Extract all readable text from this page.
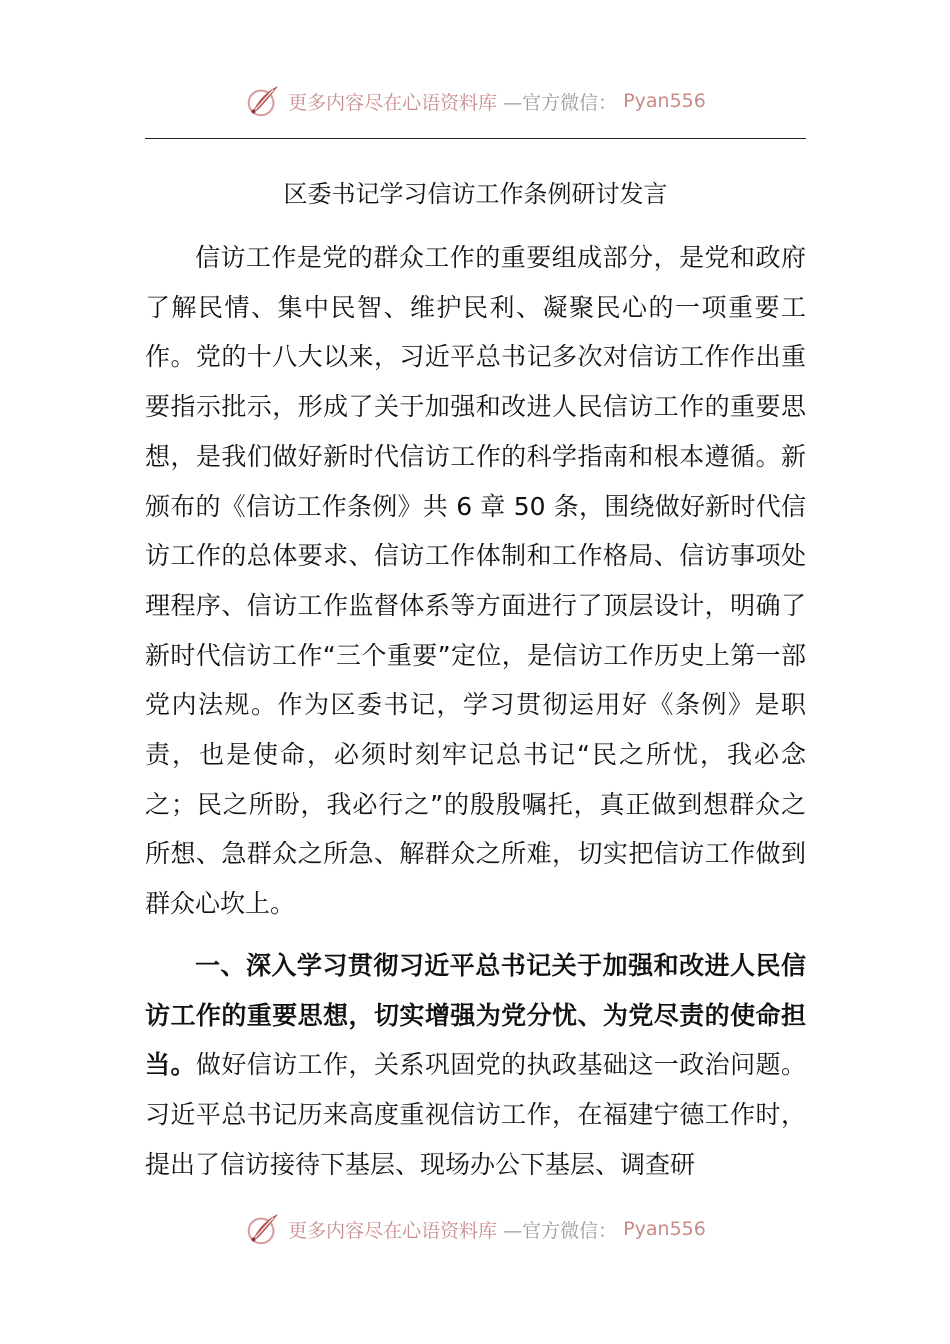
更多内容尽在心语资料库 —官方微信： Pyan556
区委书记学习信访工作条例研讨发言

信访工作是党的群众工作的重要组成部分，是党和政府了解民情、集中民智、维护民利、凝聚民心的一项重要工作。党的十八大以来，习近平总书记多次对信访工作作出重要指示批示，形成了关于加强和改进人民信访工作的重要思想，是我们做好新时代信访工作的科学指南和根本遵循。新颁布的《信访工作条例》共 6 章 50 条，围绕做好新时代信访工作的总体要求、信访工作体制和工作格局、信访事项处理程序、信访工作监督体系等方面进行了顶层设计，明确了新时代信访工作“三个重要”定位，是信访工作历史上第一部党内法规。作为区委书记，学习贯彻运用好《条例》是职责，也是使命，必须时刻牢记总书记“民之所忧，我必念之；民之所盼，我必行之”的殷殷嘱托，真正做到想群众之所想、急群众之所急、解群众之所难，切实把信访工作做到群众心坎上。

一、深入学习贯彻习近平总书记关于加强和改进人民信访工作的重要思想，切实增强为党分忧、为党尽责的使命担当。做好信访工作，关系巩固党的执政基础这一政治问题。习近平总书记历来高度重视信访工作，在福建宁德工作时，提出了信访接待下基层、现场办公下基层、调查研

更多内容尽在心语资料库 —官方微信： Pyan556
